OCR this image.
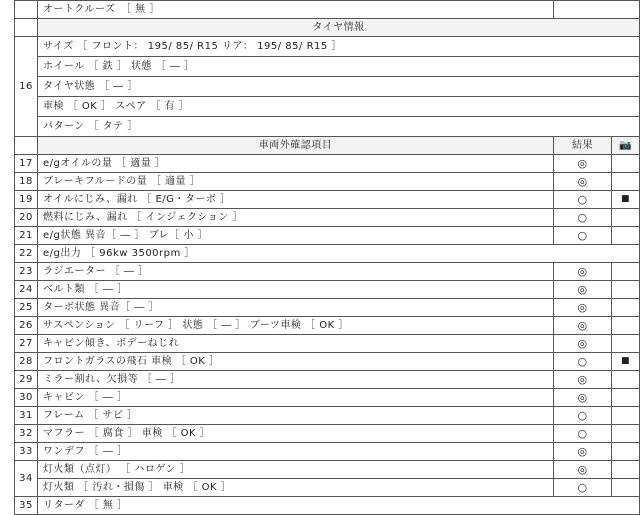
	オートクルーズ　［ 無 ］		
	タイヤ情報		
16	サイズ ［ フロント： 195/ 85/ R15 リア： 195/ 85/ R15 ］		
	ホイール ［ 鉄 ］ 状態 ［ ― ］		
	タイヤ状態 ［ ― ］		
	車検 ［ OK ］ スペア ［ 有 ］		
	パターン ［ タテ ］		
	車両外確認項目	結果	📷
17	e/gオイルの量 ［ 適量 ］	◎	
18	ブレーキフルードの量 ［ 適量 ］	◎	
19	オイルにじみ、漏れ ［ E/G・ターボ ］	○	■
20	燃料にじみ、漏れ ［ インジェクション ］	○	
21	e/g状態 異音［ ― ］ ブレ［ 小 ］	○	
22	e/g出力 ［ 96kw 3500rpm ］		
23	ラジエーター ［ ― ］	◎	
24	ベルト類 ［ ― ］	◎	
25	ターボ状態 異音［ ― ］	◎	
26	サスペンション ［ リーフ ］ 状態 ［ ― ］ ブーツ車検 ［ OK ］	◎	
27	キャビン傾き、ボデーねじれ	◎	
28	フロントガラスの飛石 車検 ［ OK ］	○	■
29	ミラー割れ、欠損等 ［ ― ］	◎	
30	キャビン ［ ― ］	◎	
31	フレーム ［ サビ ］	○	
32	マフラー ［ 腐食 ］ 車検 ［ OK ］	○	
33	ワンデフ ［ ― ］	◎	
34	灯火類（点灯） ［ ハロゲン ］	◎	
	灯火類 ［ 汚れ・損傷 ］ 車検 ［ OK ］	○	
35	リターダ ［ 無 ］		
